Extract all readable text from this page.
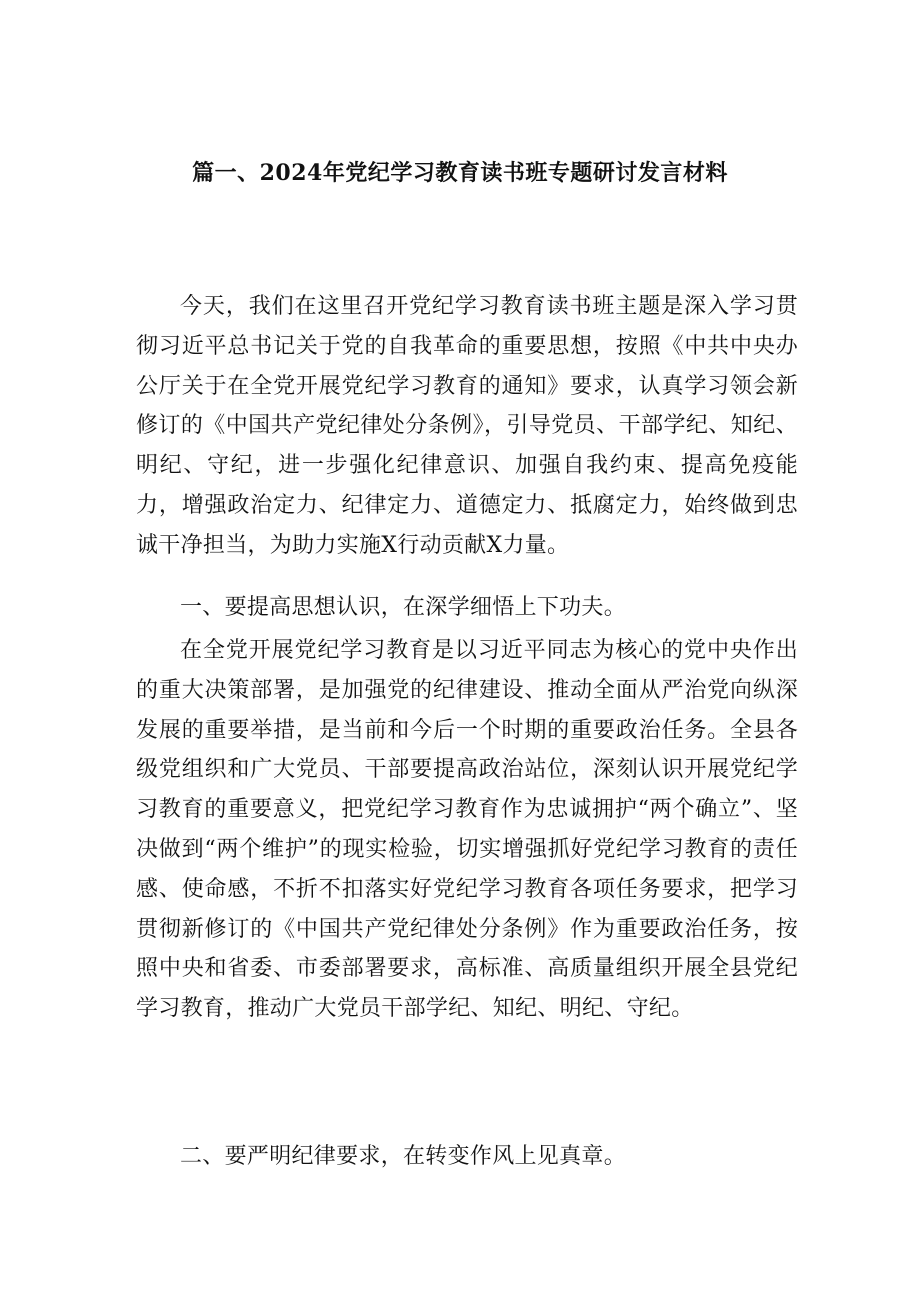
篇一、2024年党纪学习教育读书班专题研讨发言材料

今天，我们在这里召开党纪学习教育读书班主题是深入学习贯彻习近平总书记关于党的自我革命的重要思想，按照《中共中央办公厅关于在全党开展党纪学习教育的通知》要求，认真学习领会新修订的《中国共产党纪律处分条例》，引导党员、干部学纪、知纪、明纪、守纪，进一步强化纪律意识、加强自我约束、提高免疫能力，增强政治定力、纪律定力、道德定力、抵腐定力，始终做到忠诚干净担当，为助力实施X行动贡献X力量。

一、要提高思想认识，在深学细悟上下功夫。

在全党开展党纪学习教育是以习近平同志为核心的党中央作出的重大决策部署，是加强党的纪律建设、推动全面从严治党向纵深发展的重要举措，是当前和今后一个时期的重要政治任务。全县各级党组织和广大党员、干部要提高政治站位，深刻认识开展党纪学习教育的重要意义，把党纪学习教育作为忠诚拥护“两个确立”、坚决做到“两个维护”的现实检验，切实增强抓好党纪学习教育的责任感、使命感，不折不扣落实好党纪学习教育各项任务要求，把学习贯彻新修订的《中国共产党纪律处分条例》作为重要政治任务，按照中央和省委、市委部署要求，高标准、高质量组织开展全县党纪学习教育，推动广大党员干部学纪、知纪、明纪、守纪。

二、要严明纪律要求，在转变作风上见真章。
